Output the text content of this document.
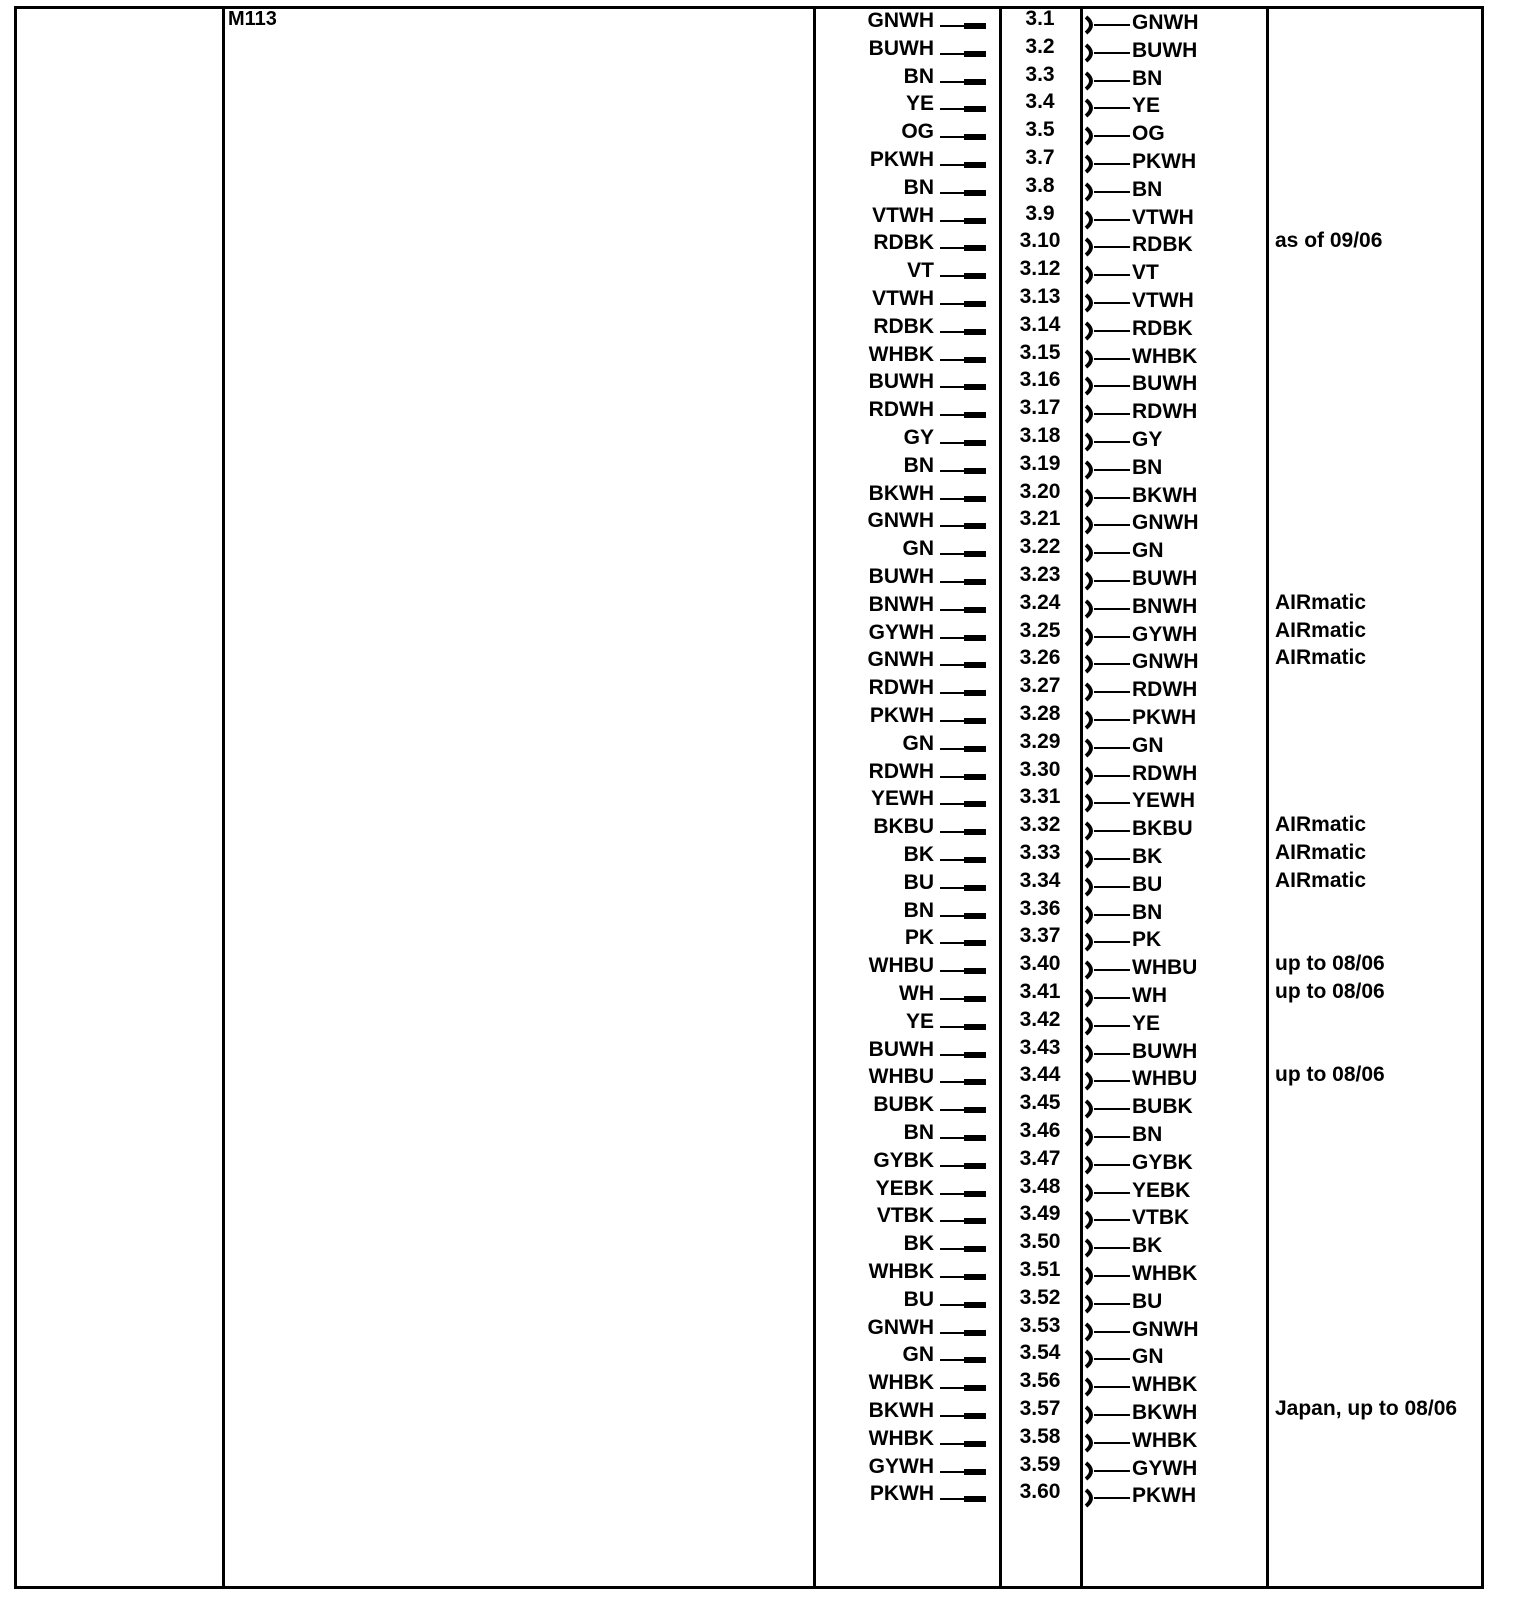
M113	GNWH	3.1	GNWH
BUWH	3.2	BUWH
BN	3.3	BN
YE	3.4	YE
OG	3.5	OG
PKWH	3.7	PKWH
BN	3.8	BN
VTWH	3.9	VTWH
RDBK	3.10	RDBK	as of 09/06
VT	3.12	VT
VTWH	3.13	VTWH
RDBK	3.14	RDBK
WHBK	3.15	WHBK
BUWH	3.16	BUWH
RDWH	3.17	RDWH
GY	3.18	GY
BN	3.19	BN
BKWH	3.20	BKWH
GNWH	3.21	GNWH
GN	3.22	GN
BUWH	3.23	BUWH
BNWH	3.24	BNWH	AIRmatic
GYWH	3.25	GYWH	AIRmatic
GNWH	3.26	GNWH	AIRmatic
RDWH	3.27	RDWH
PKWH	3.28	PKWH
GN	3.29	GN
RDWH	3.30	RDWH
YEWH	3.31	YEWH
BKBU	3.32	BKBU	AIRmatic
BK	3.33	BK	AIRmatic
BU	3.34	BU	AIRmatic
BN	3.36	BN
PK	3.37	PK
WHBU	3.40	WHBU	up to 08/06
WH	3.41	WH	up to 08/06
YE	3.42	YE
BUWH	3.43	BUWH
WHBU	3.44	WHBU	up to 08/06
BUBK	3.45	BUBK
BN	3.46	BN
GYBK	3.47	GYBK
YEBK	3.48	YEBK
VTBK	3.49	VTBK
BK	3.50	BK
WHBK	3.51	WHBK
BU	3.52	BU
GNWH	3.53	GNWH
GN	3.54	GN
WHBK	3.56	WHBK
BKWH	3.57	BKWH	Japan, up to 08/06
WHBK	3.58	WHBK
GYWH	3.59	GYWH
PKWH	3.60	PKWH
